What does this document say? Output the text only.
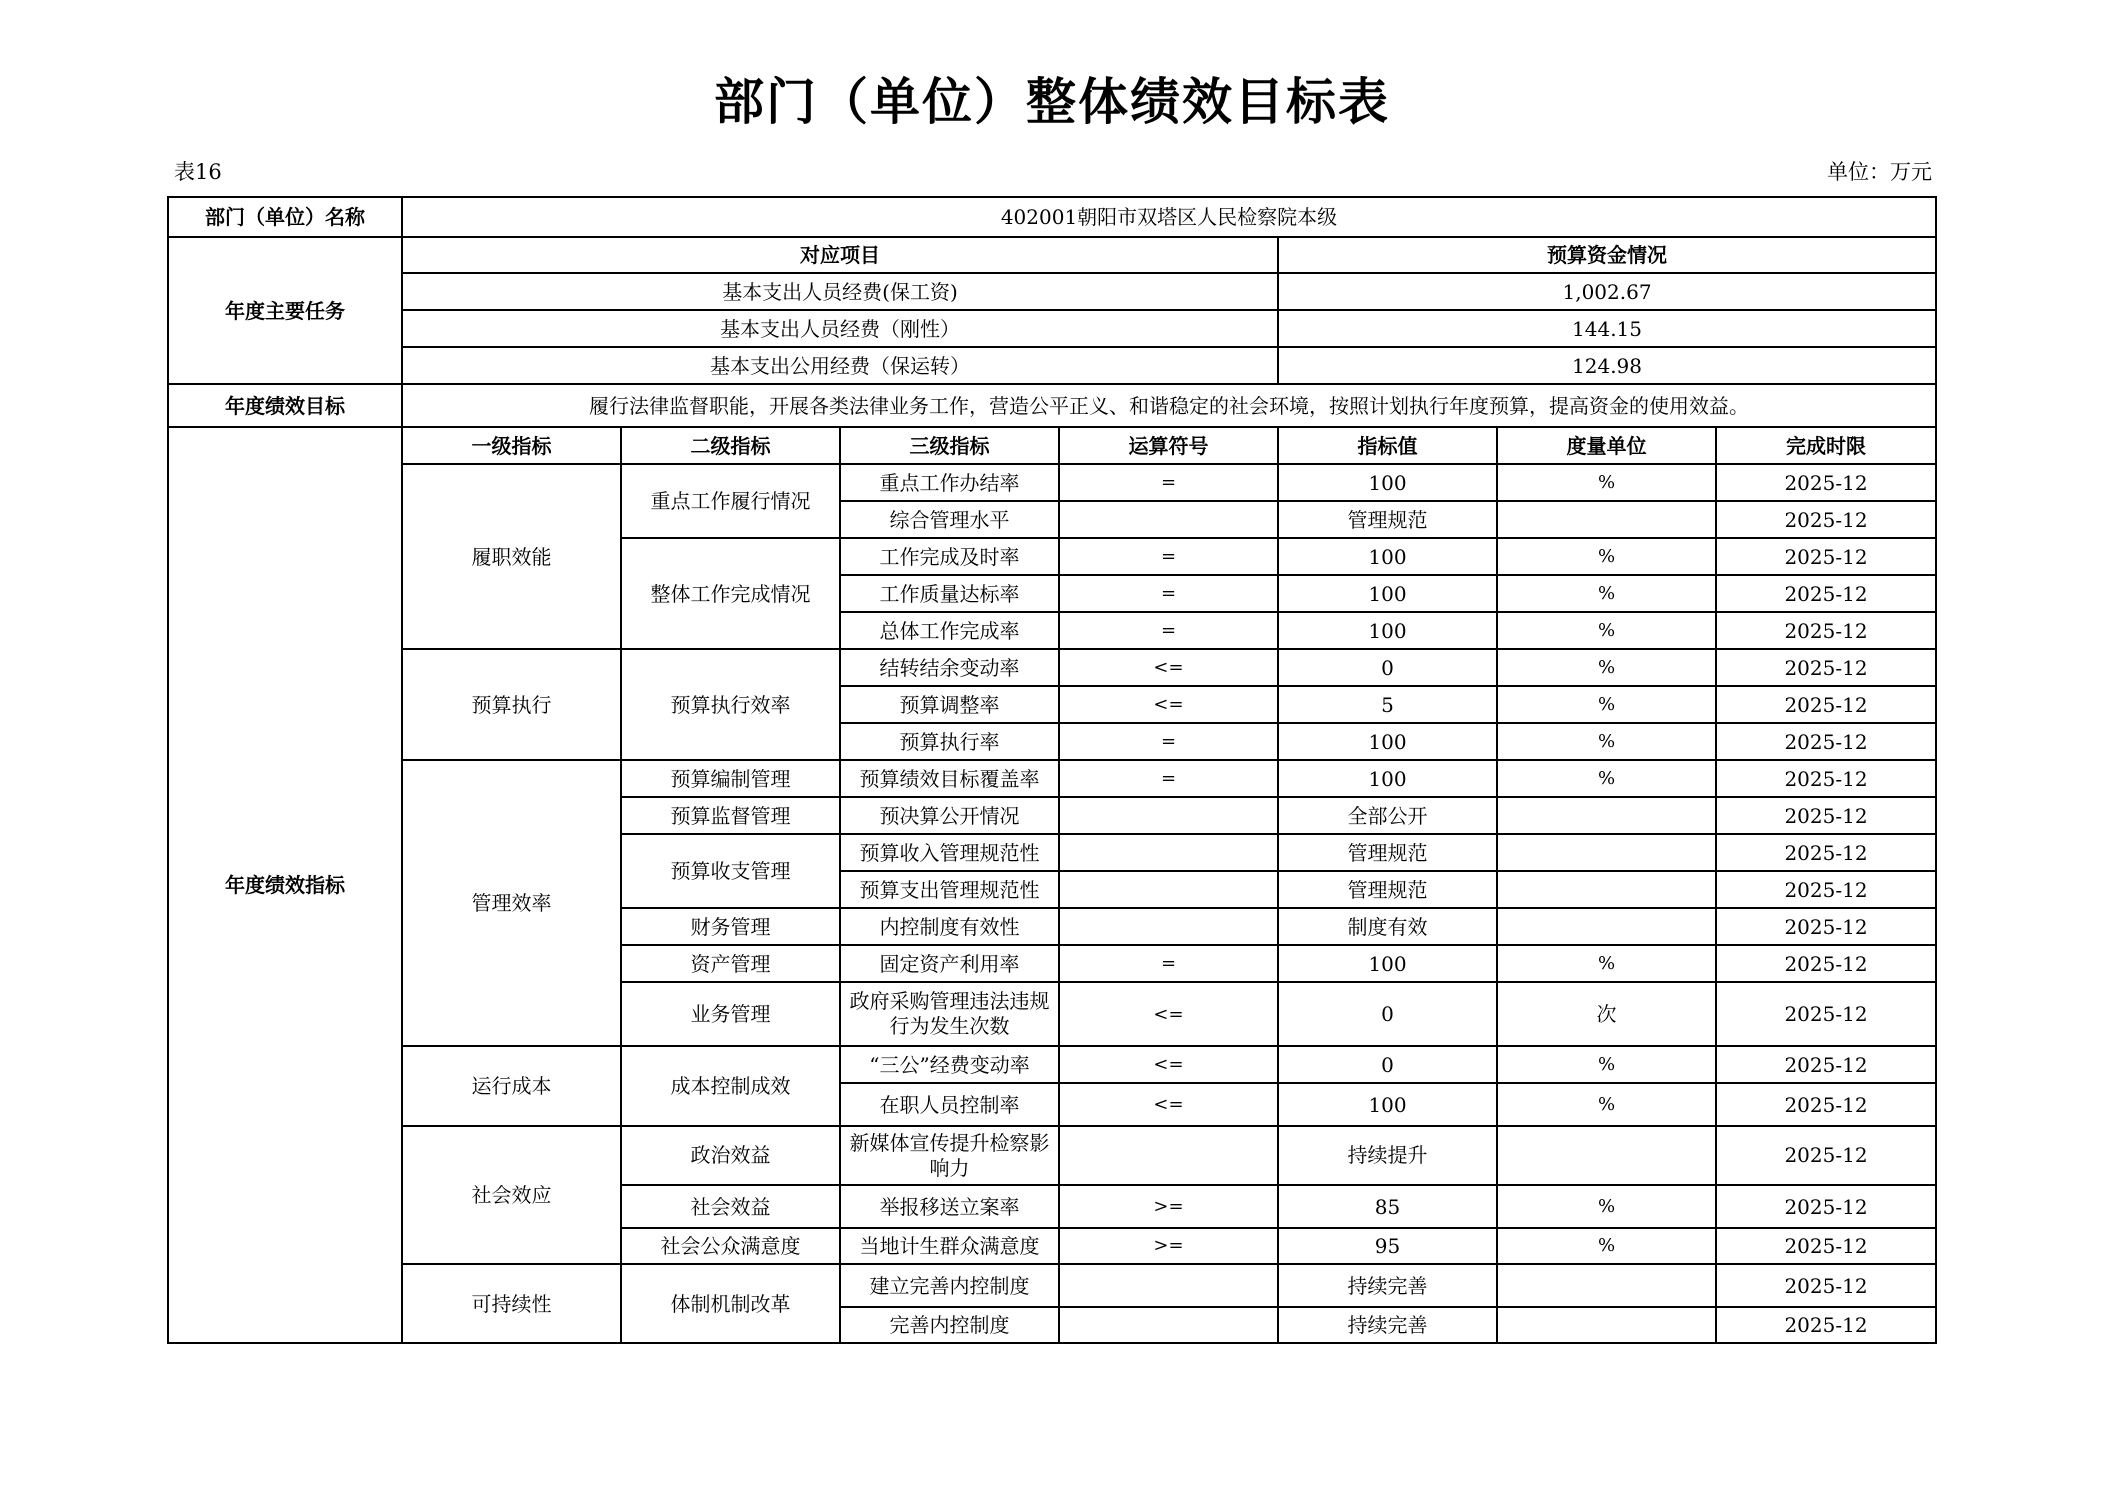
部门（单位）整体绩效目标表
表16	单位：万元
部门（单位）名称	402001朝阳市双塔区人民检察院本级						
年度主要任务	对应项目				预算资金情况		
	基本支出人员经费(保工资)				1,002.67		
	基本支出人员经费（刚性）				144.15		
	基本支出公用经费（保运转）				124.98		
年度绩效目标	履行法律监督职能，开展各类法律业务工作，营造公平正义、和谐稳定的社会环境，按照计划执行年度预算，提高资金的使用效益。						
年度绩效指标	一级指标	二级指标	三级指标	运算符号	指标值	度量单位	完成时限
	履职效能	重点工作履行情况	重点工作办结率	=	100	%	2025-12
			综合管理水平		管理规范		2025-12
		整体工作完成情况	工作完成及时率	=	100	%	2025-12
			工作质量达标率	=	100	%	2025-12
			总体工作完成率	=	100	%	2025-12
	预算执行	预算执行效率	结转结余变动率	<=	0	%	2025-12
			预算调整率	<=	5	%	2025-12
			预算执行率	=	100	%	2025-12
	管理效率	预算编制管理	预算绩效目标覆盖率	=	100	%	2025-12
		预算监督管理	预决算公开情况		全部公开		2025-12
		预算收支管理	预算收入管理规范性		管理规范		2025-12
			预算支出管理规范性		管理规范		2025-12
		财务管理	内控制度有效性		制度有效		2025-12
		资产管理	固定资产利用率	=	100	%	2025-12
		业务管理	政府采购管理违法违规行为发生次数	<=	0	次	2025-12
	运行成本	成本控制成效	“三公”经费变动率	<=	0	%	2025-12
			在职人员控制率	<=	100	%	2025-12
	社会效应	政治效益	新媒体宣传提升检察影响力		持续提升		2025-12
		社会效益	举报移送立案率	>=	85	%	2025-12
		社会公众满意度	当地计生群众满意度	>=	95	%	2025-12
	可持续性	体制机制改革	建立完善内控制度		持续完善		2025-12
			完善内控制度		持续完善		2025-12
